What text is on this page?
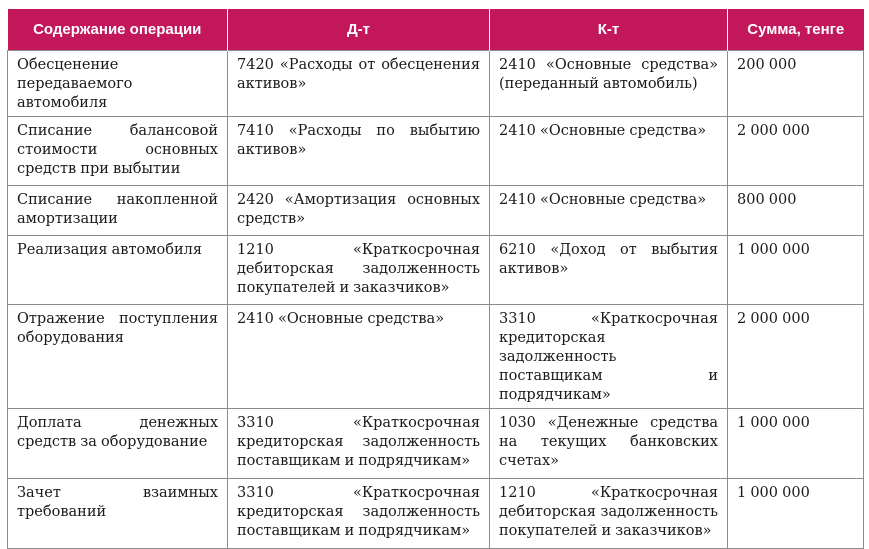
Содержание операции	Д-т	К-т	Сумма, тенге
Обесценение передаваемого автомобиля	7420 «Расходы от обесценения активов»	2410 «Основные средства» (переданный автомобиль)	200 000
Списание балансовой стоимости основных средств при выбытии	7410 «Расходы по выбытию активов»	2410 «Основные средства»	2 000 000
Списание накопленной амортизации	2420 «Амортизация основных средств»	2410 «Основные средства»	800 000
Реализация автомобиля	1210 «Краткосрочная дебиторская задолженность покупателей и заказчиков»	6210 «Доход от выбытия активов»	1 000 000
Отражение поступления оборудования	2410 «Основные средства»	3310 «Краткосрочная кредиторская задолженность поставщикам и подрядчикам»	2 000 000
Доплата денежных средств за оборудование	3310 «Краткосрочная кредиторская задолженность поставщикам и подрядчикам»	1030 «Денежные средства на текущих банковских счетах»	1 000 000
Зачет взаимных требований	3310 «Краткосрочная кредиторская задолженность поставщикам и подрядчикам»	1210 «Краткосрочная дебиторская задолженность покупателей и заказчиков»	1 000 000
